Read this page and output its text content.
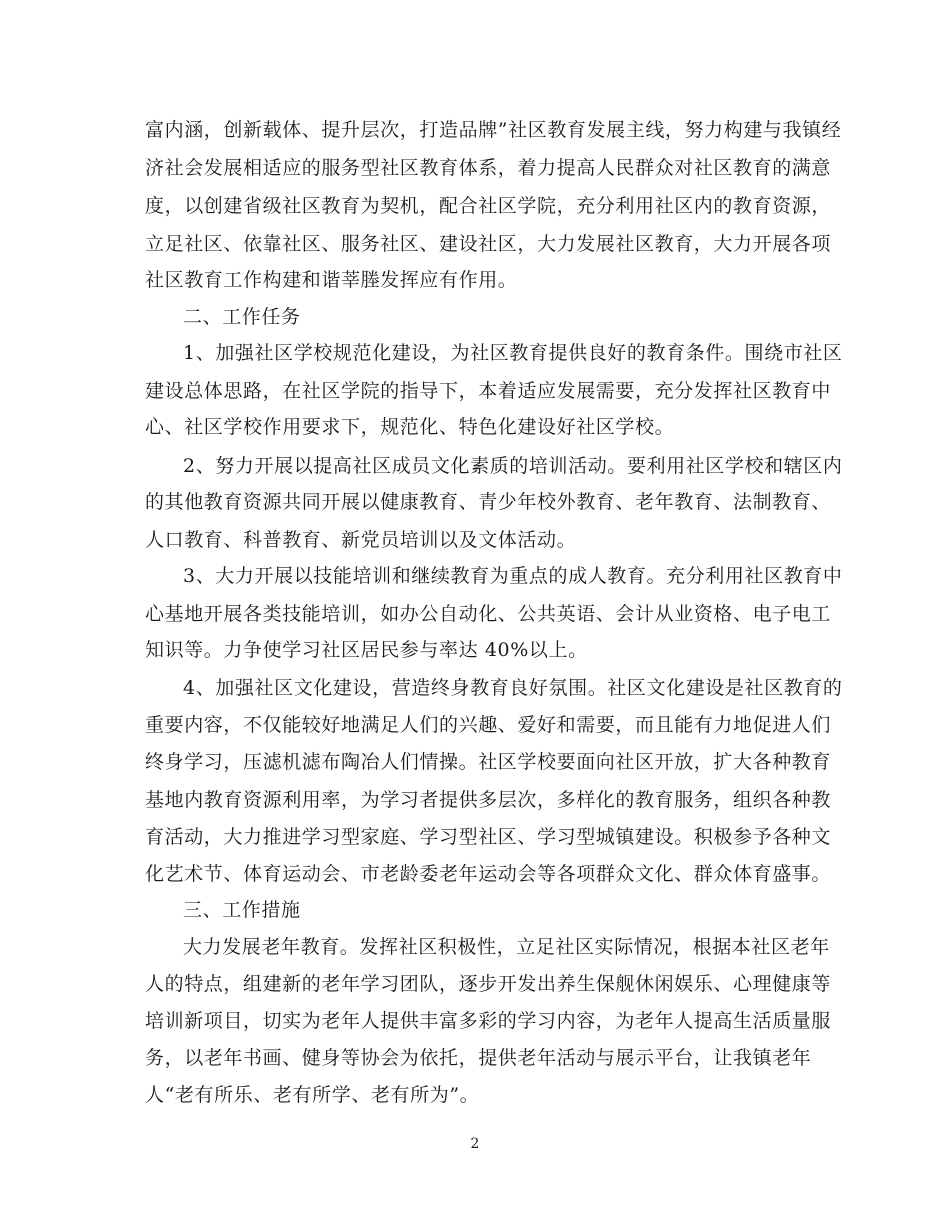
富内涵，创新载体、提升层次，打造品牌”社区教育发展主线，努力构建与我镇经
济社会发展相适应的服务型社区教育体系，着力提高人民群众对社区教育的满意
度，以创建省级社区教育为契机，配合社区学院，充分利用社区内的教育资源，
立足社区、依靠社区、服务社区、建设社区，大力发展社区教育，大力开展各项
社区教育工作构建和谐莘塍发挥应有作用。
二、工作任务
1、加强社区学校规范化建设，为社区教育提供良好的教育条件。围绕市社区
建设总体思路，在社区学院的指导下，本着适应发展需要，充分发挥社区教育中
心、社区学校作用要求下，规范化、特色化建设好社区学校。
2、努力开展以提高社区成员文化素质的培训活动。要利用社区学校和辖区内
的其他教育资源共同开展以健康教育、青少年校外教育、老年教育、法制教育、
人口教育、科普教育、新党员培训以及文体活动。
3、大力开展以技能培训和继续教育为重点的成人教育。充分利用社区教育中
心基地开展各类技能培训，如办公自动化、公共英语、会计从业资格、电子电工
知识等。力争使学习社区居民参与率达 40%以上。
4、加强社区文化建设，营造终身教育良好氛围。社区文化建设是社区教育的
重要内容，不仅能较好地满足人们的兴趣、爱好和需要，而且能有力地促进人们
终身学习，压滤机滤布陶冶人们情操。社区学校要面向社区开放，扩大各种教育
基地内教育资源利用率，为学习者提供多层次，多样化的教育服务，组织各种教
育活动，大力推进学习型家庭、学习型社区、学习型城镇建设。积极参予各种文
化艺术节、体育运动会、市老龄委老年运动会等各项群众文化、群众体育盛事。
三、工作措施
大力发展老年教育。发挥社区积极性，立足社区实际情况，根据本社区老年
人的特点，组建新的老年学习团队，逐步开发出养生保舰休闲娱乐、心理健康等
培训新项目，切实为老年人提供丰富多彩的学习内容，为老年人提高生活质量服
务，以老年书画、健身等协会为依托，提供老年活动与展示平台，让我镇老年
人“老有所乐、老有所学、老有所为”。
2
